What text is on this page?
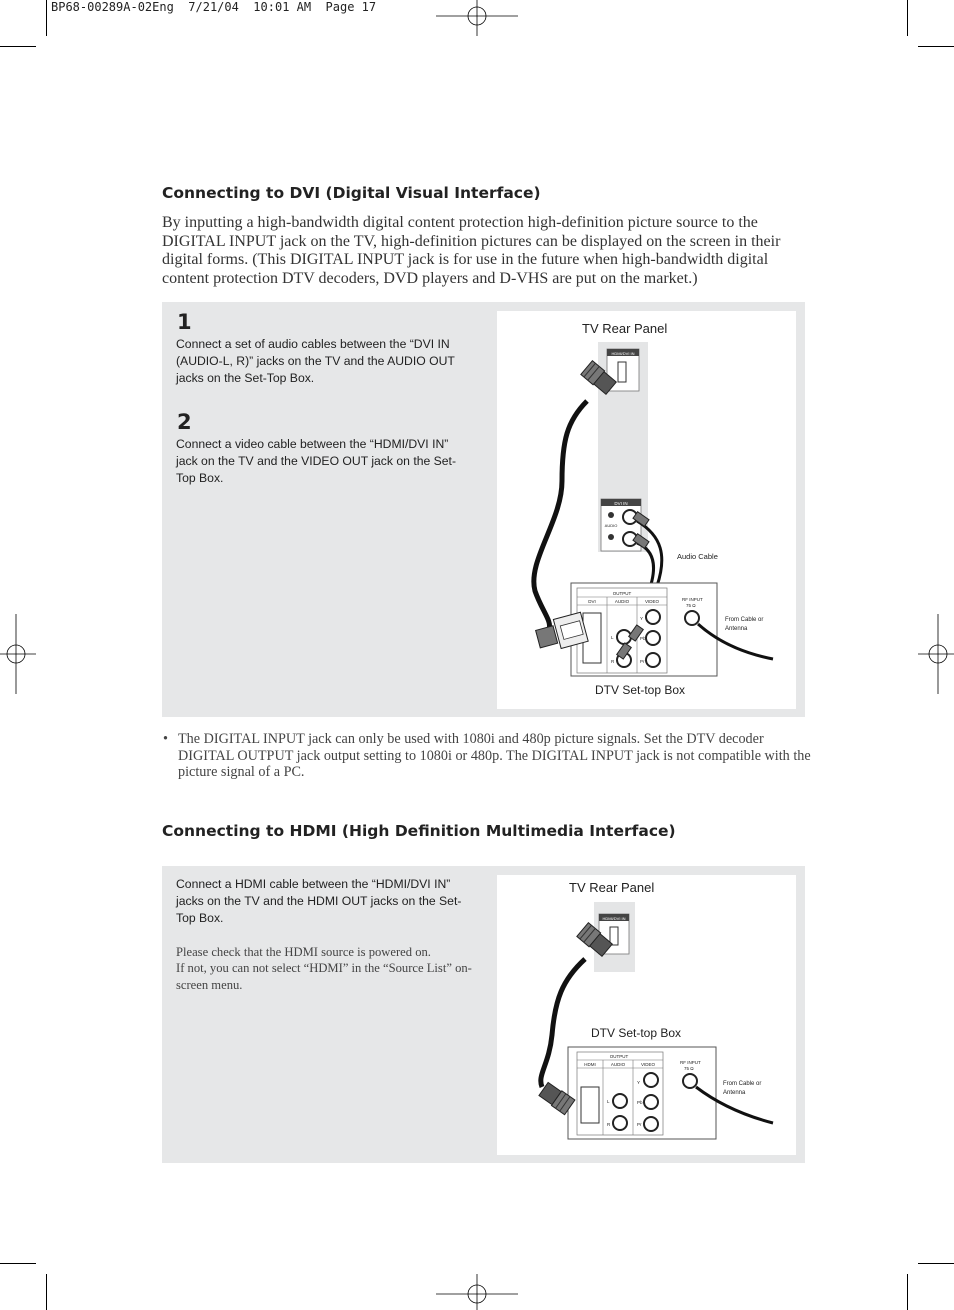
BP68-00289A-02Eng  7/21/04  10:01 AM  Page 17
Connecting to DVI (Digital Visual Interface)

By inputting a high-bandwidth digital content protection high-definition picture source to the DIGITAL INPUT jack on the TV, high-definition pictures can be displayed on the screen in their digital forms. (This DIGITAL INPUT jack is for use in the future when high-bandwidth digital content protection DTV decoders, DVD players and D-VHS are put on the market.)

1

Connect a set of audio cables between the “DVI IN (AUDIO-L, R)” jacks on the TV and the AUDIO OUT jacks on the Set-Top Box.

2

Connect a video cable between the “HDMI/DVI IN” jack on the TV and the VIDEO OUT jack on the Set-Top Box.

TV Rear Panel
HDMI/DVI IN
DVI IN
AUDIO
Audio Cable
OUTPUT
DVI	AUDIO	VIDEO
L
R
Y
Pb
Pr
RF INPUT
75 Ω
From Cable or
Antenna
DTV Set-top Box

• The DIGITAL INPUT jack can only be used with 1080i and 480p picture signals. Set the DTV decoder DIGITAL OUTPUT jack output setting to 1080i or 480p. The DIGITAL INPUT jack is not compatible with the picture signal of a PC.

Connecting to HDMI (High Definition Multimedia Interface)

Connect a HDMI cable between the “HDMI/DVI IN” jacks on the TV and the HDMI OUT jacks on the Set-Top Box.

Please check that the HDMI source is powered on.

If not, you can not select “HDMI” in the “Source List” on-screen menu.

TV Rear Panel
HDMI/DVI IN
DTV Set-top Box
OUTPUT
HDMI	AUDIO	VIDEO
L
R
Y
Pb
Pr
RF INPUT
75 Ω
From Cable or
Antenna
